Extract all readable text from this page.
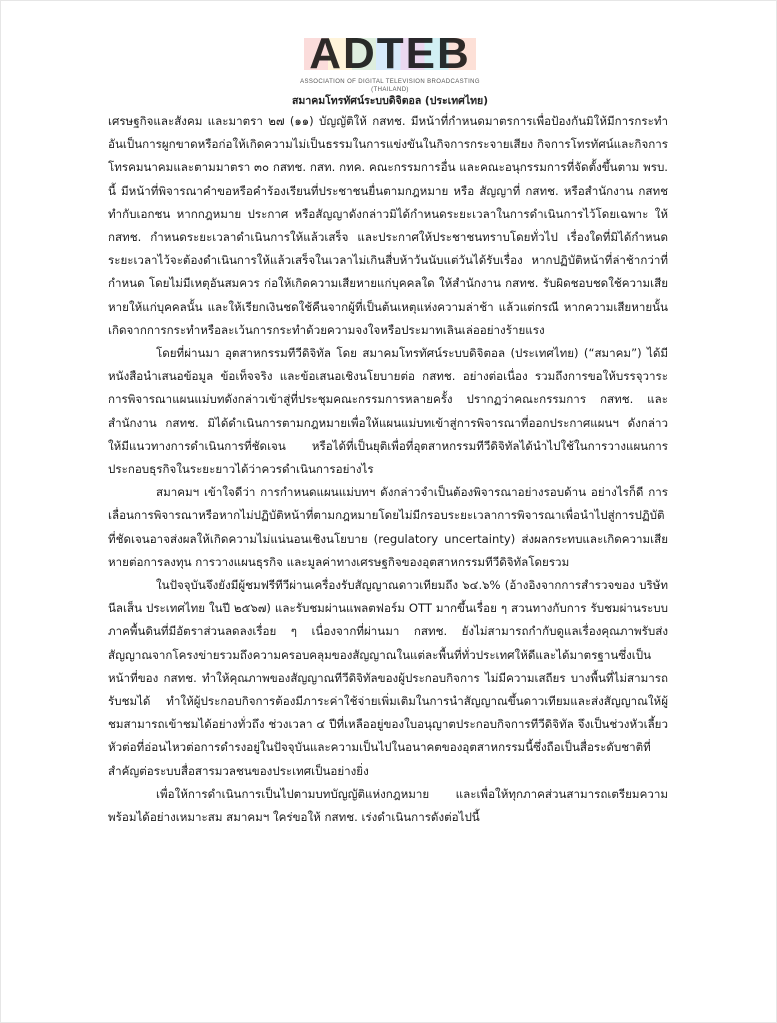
ADTEB
ASSOCIATION OF DIGITAL TELEVISION BROADCASTING (THAILAND)
สมาคมโทรทัศน์ระบบดิจิตอล (ประเทศไทย)

เศรษฐกิจและสังคม และมาตรา ๒๗ (๑๑) บัญญัติให้ กสทช. มีหน้าที่กำหนดมาตรการเพื่อป้องกันมิให้มีการกระทำอันเป็นการผูกขาดหรือก่อให้เกิดความไม่เป็นธรรมในการแข่งขันในกิจการกระจายเสียง กิจการโทรทัศน์และกิจการโทรคมนาคมและตามมาตรา ๓๐ กสทช. กสท. กทค. คณะกรรมการอื่น และคณะอนุกรรมการที่จัดตั้งขึ้นตาม พรบ. นี้ มีหน้าที่พิจารณาคำขอหรือคำร้องเรียนที่ประชาชนยื่นตามกฎหมาย หรือ สัญญาที่ กสทช. หรือสำนักงาน กสทช ทำกับเอกชน หากกฎหมาย ประกาศ หรือสัญญาดังกล่าวมิได้กำหนดระยะเวลาในการดำเนินการไว้โดยเฉพาะ ให้ กสทช. กำหนดระยะเวลาดำเนินการให้แล้วเสร็จ และประกาศให้ประชาชนทราบโดยทั่วไป เรื่องใดที่มิได้กำหนดระยะเวลาไว้จะต้องดำเนินการให้แล้วเสร็จในเวลาไม่เกินสี่บห้าวันนับแต่วันได้รับเรื่อง หากปฏิบัติหน้าที่ล่าช้ากว่าที่กำหนด โดยไม่มีเหตุอันสมควร ก่อให้เกิดความเสียหายแก่บุคคลใด ให้สำนักงาน กสทช. รับผิดชอบชดใช้ความเสียหายให้แก่บุคคลนั้น และให้เรียกเงินชดใช้คืนจากผู้ที่เป็นต้นเหตุแห่งความล่าช้า แล้วแต่กรณี หากความเสียหายนั้นเกิดจากการกระทำหรือละเว้นการกระทำด้วยความจงใจหรือประมาทเลินเล่ออย่างร้ายแรง

โดยที่ผ่านมา อุตสาหกรรมทีวีดิจิทัล โดย สมาคมโทรทัศน์ระบบดิจิตอล (ประเทศไทย) (“สมาคม”) ได้มีหนังสือนำเสนอข้อมูล ข้อเท็จจริง และข้อเสนอเชิงนโยบายต่อ กสทช. อย่างต่อเนื่อง รวมถึงการขอให้บรรจุวาระการพิจารณาแผนแม่บทดังกล่าวเข้าสู่ที่ประชุมคณะกรรมการหลายครั้ง ปรากฏว่าคณะกรรมการ กสทช. และสำนักงาน กสทช. มิได้ดำเนินการตามกฎหมายเพื่อให้แผนแม่บทเข้าสู่การพิจารณาที่ออกประกาศแผนฯ ดังกล่าว ให้มีแนวทางการดำเนินการที่ชัดเจน หรือได้ที่เป็นยุติเพื่อที่อุตสาหกรรมทีวีดิจิทัลได้นำไปใช้ในการวางแผนการประกอบธุรกิจในระยะยาวได้ว่าควรดำเนินการอย่างไร

สมาคมฯ เข้าใจดีว่า การกำหนดแผนแม่บทฯ ดังกล่าวจำเป็นต้องพิจารณาอย่างรอบด้าน อย่างไรก็ดี การเลื่อนการพิจารณาหรือหากไม่ปฏิบัติหน้าที่ตามกฎหมายโดยไม่มีกรอบระยะเวลาการพิจารณาเพื่อนำไปสู่การปฏิบัติที่ชัดเจนอาจส่งผลให้เกิดความไม่แน่นอนเชิงนโยบาย (regulatory uncertainty) ส่งผลกระทบและเกิดความเสียหายต่อการลงทุน การวางแผนธุรกิจ และมูลค่าทางเศรษฐกิจของอุตสาหกรรมทีวีดิจิทัลโดยรวม

ในปัจจุบันจึงยังมีผู้ชมฟรีทีวีผ่านเครื่องรับสัญญาณดาวเทียมถึง ๖๔.๖% (อ้างอิงจากการสำรวจของ บริษัทนีลเส็น ประเทศไทย ในปี ๒๕๖๗) และรับชมผ่านแพลตฟอร์ม OTT มากขึ้นเรื่อย ๆ สวนทางกับการ รับชมผ่านระบบภาคพื้นดินที่มีอัตราส่วนลดลงเรื่อย ๆ เนื่องจากที่ผ่านมา กสทช. ยังไม่สามารถกำกับดูแลเรื่องคุณภาพรับส่งสัญญาณจากโครงข่ายรวมถึงความครอบคลุมของสัญญาณในแต่ละพื้นที่ทั่วประเทศให้ดีและได้มาตรฐานซึ่งเป็นหน้าที่ของ กสทช. ทำให้คุณภาพของสัญญาณทีวีดิจิทัลของผู้ประกอบกิจการ ไม่มีความเสถียร บางพื้นที่ไม่สามารถรับชมได้ ทำให้ผู้ประกอบกิจการต้องมีภาระค่าใช้จ่ายเพิ่มเติมในการนำสัญญาณขึ้นดาวเทียมและส่งสัญญาณให้ผู้ชมสามารถเข้าชมได้อย่างทั่วถึง ช่วงเวลา ๔ ปีที่เหลืออยู่ของใบอนุญาตประกอบกิจการทีวีดิจิทัล จึงเป็นช่วงหัวเลี้ยวหัวต่อที่อ่อนไหวต่อการดำรงอยู่ในปัจจุบันและความเป็นไปในอนาคตของอุตสาหกรรมนี้ซึ่งถือเป็นสื่อระดับชาติที่สำคัญต่อระบบสื่อสารมวลชนของประเทศเป็นอย่างยิ่ง

เพื่อให้การดำเนินการเป็นไปตามบทบัญญัติแห่งกฎหมาย และเพื่อให้ทุกภาคส่วนสามารถเตรียมความพร้อมได้อย่างเหมาะสม สมาคมฯ ใคร่ขอให้ กสทช. เร่งดำเนินการดังต่อไปนี้
